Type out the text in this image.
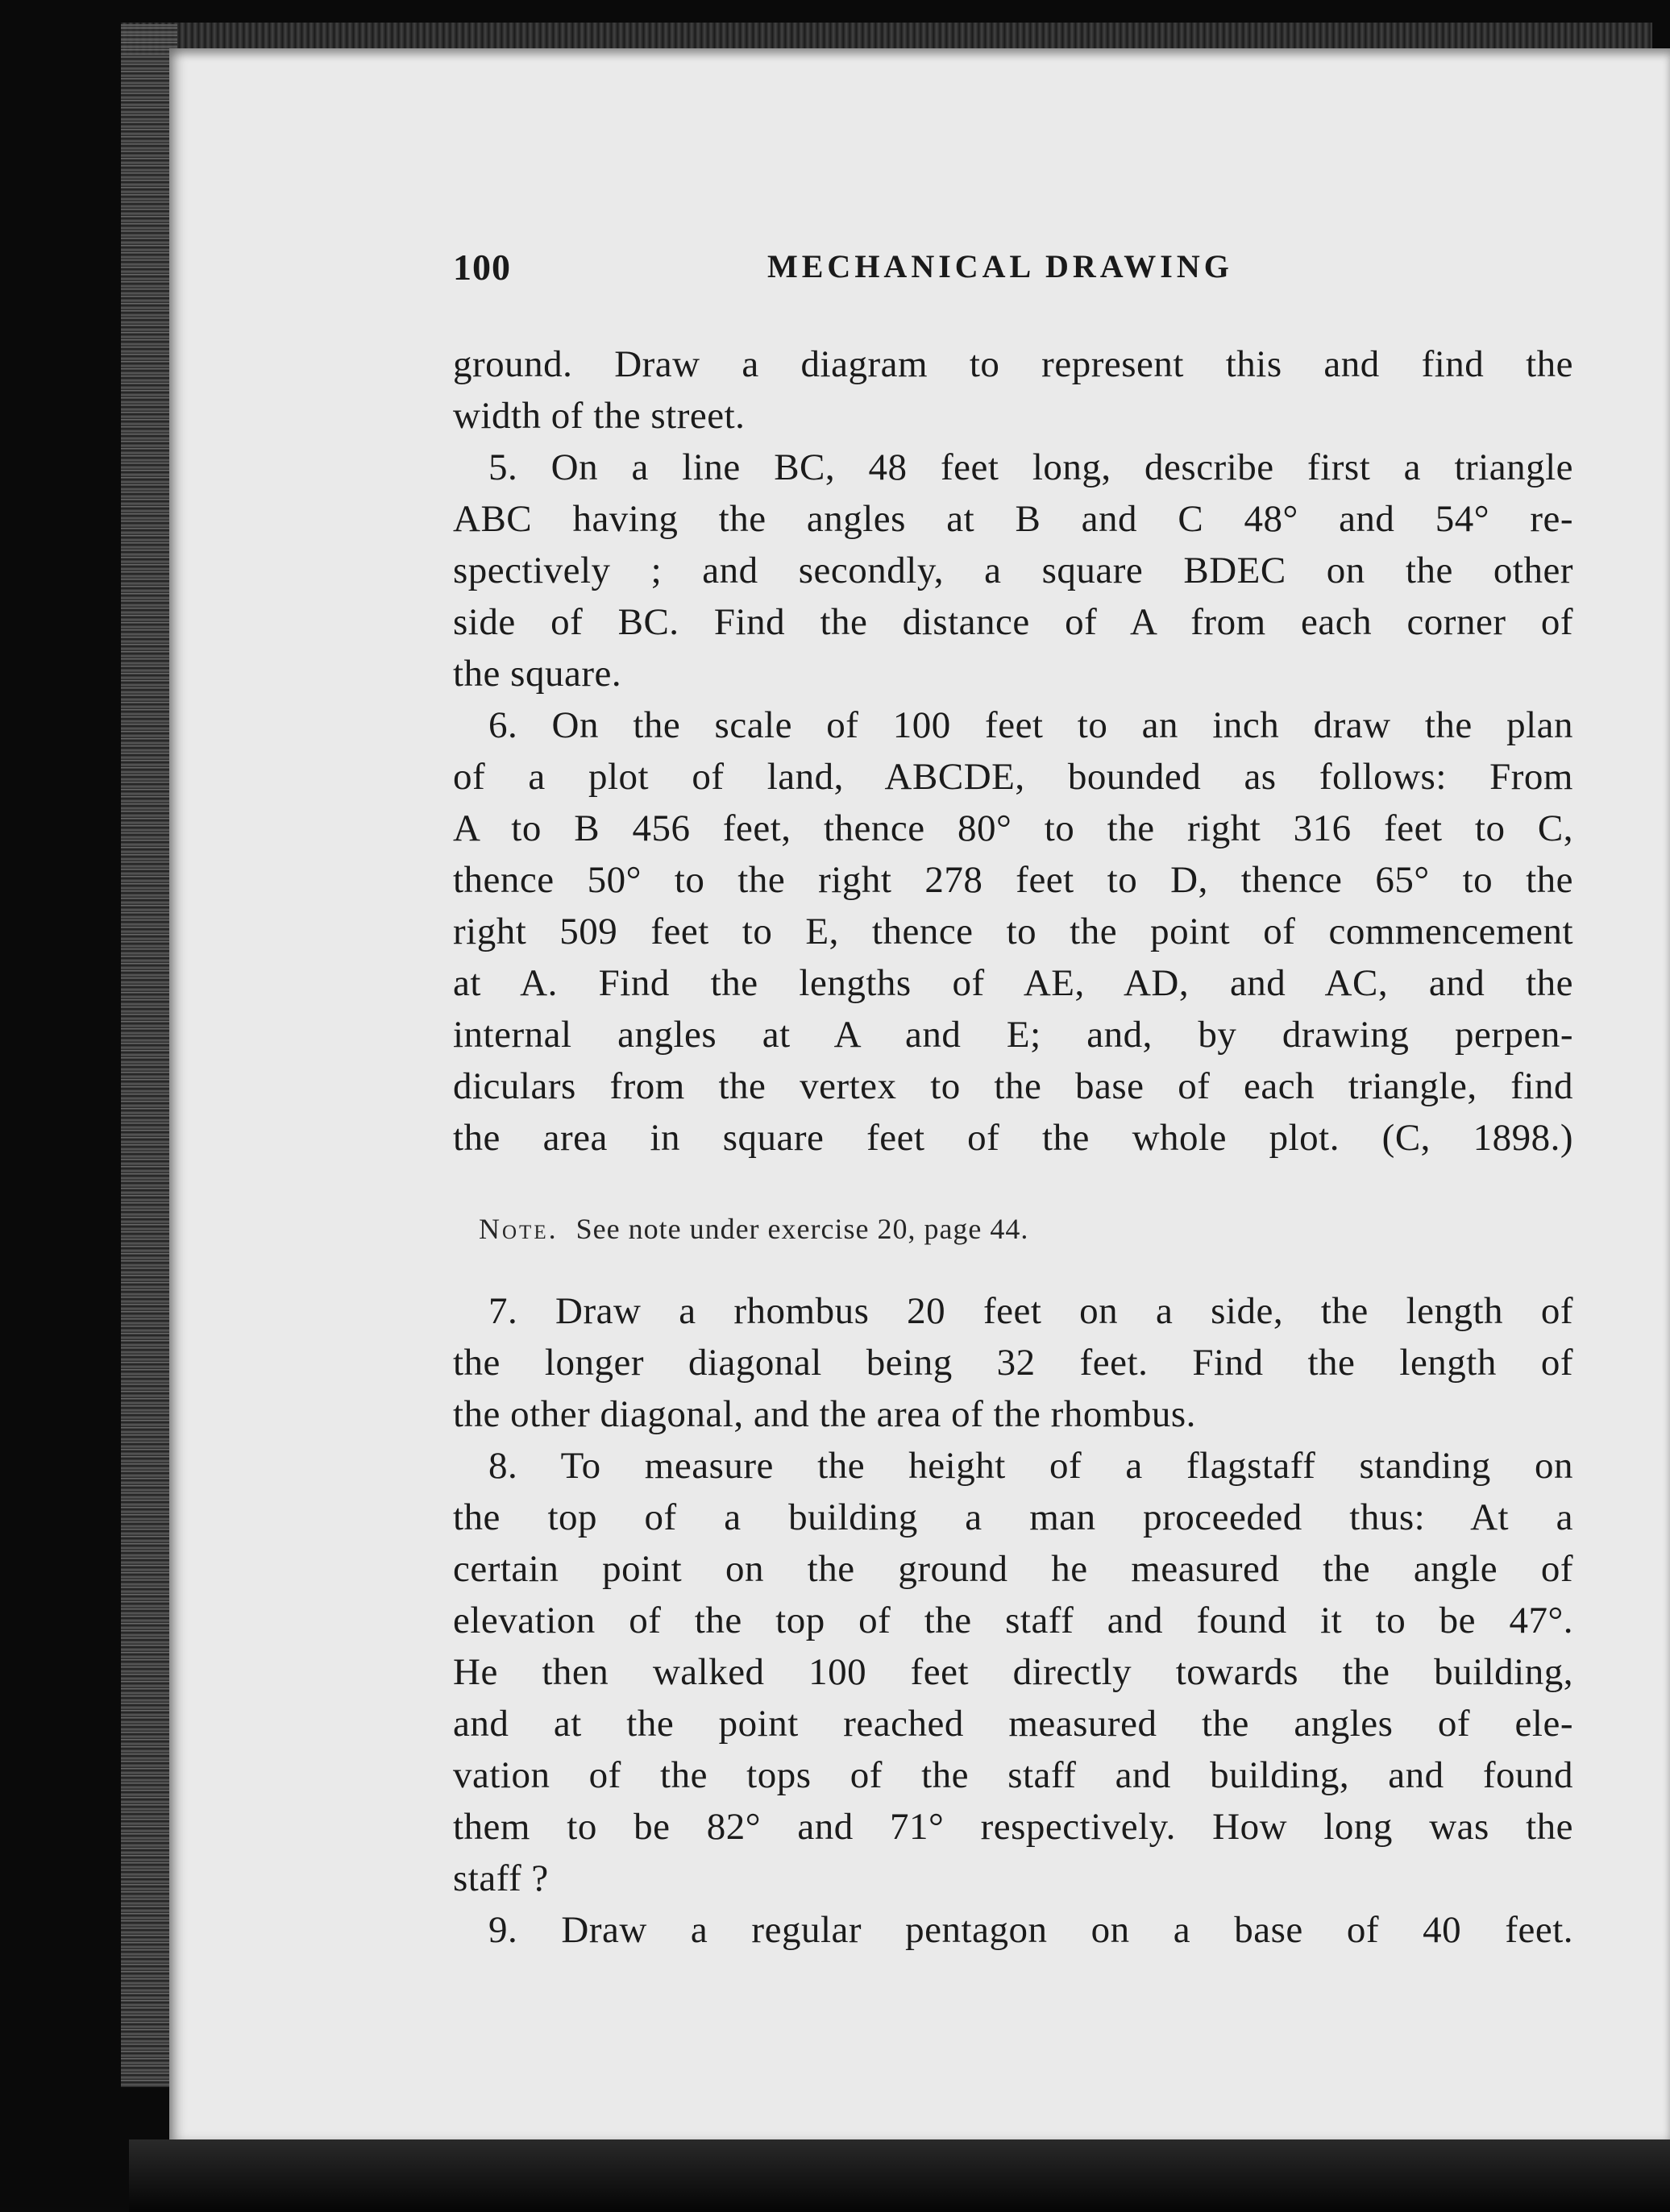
100	MECHANICAL DRAWING
ground. Draw a diagram to represent this and find the
width of the street.
5. On a line BC, 48 feet long, describe first a triangle
ABC having the angles at B and C 48° and 54° re-
spectively ; and secondly, a square BDEC on the other
side of BC. Find the distance of A from each corner of
the square.
6. On the scale of 100 feet to an inch draw the plan
of a plot of land, ABCDE, bounded as follows: From
A to B 456 feet, thence 80° to the right 316 feet to C,
thence 50° to the right 278 feet to D, thence 65° to the
right 509 feet to E, thence to the point of commencement
at A. Find the lengths of AE, AD, and AC, and the
internal angles at A and E; and, by drawing perpen-
diculars from the vertex to the base of each triangle, find
the area in square feet of the whole plot. (C, 1898.)
Note. See note under exercise 20, page 44.
7. Draw a rhombus 20 feet on a side, the length of
the longer diagonal being 32 feet. Find the length of
the other diagonal, and the area of the rhombus.
8. To measure the height of a flagstaff standing on
the top of a building a man proceeded thus: At a
certain point on the ground he measured the angle of
elevation of the top of the staff and found it to be 47°.
He then walked 100 feet directly towards the building,
and at the point reached measured the angles of ele-
vation of the tops of the staff and building, and found
them to be 82° and 71° respectively. How long was the
staff ?
9. Draw a regular pentagon on a base of 40 feet.
